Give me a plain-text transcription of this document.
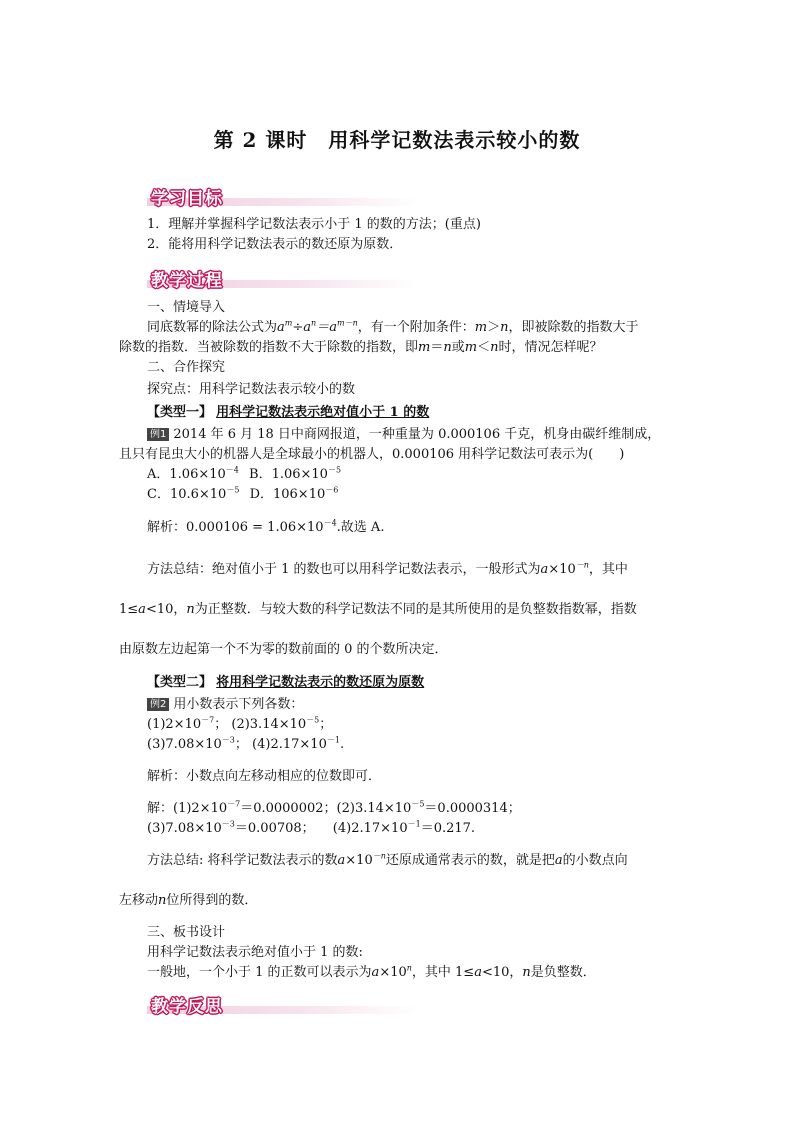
第 2 课时　用科学记数法表示较小的数
学习目标
1．理解并掌握科学记数法表示小于 1 的数的方法；(重点)
2．能将用科学记数法表示的数还原为原数．
教学过程
一、情境导入
同底数幂的除法公式为$a^m\div a^n=a^{m-n}$，有一个附加条件：m＞n，即被除数的指数大于
除数的指数．当被除数的指数不大于除数的指数，即m＝n或m＜n时，情况怎样呢？
二、合作探究
探究点：用科学记数法表示较小的数
【类型一】 用科学记数法表示绝对值小于 1 的数
例1 2014 年 6 月 18 日中商网报道，一种重量为 0.000106 千克，机身由碳纤维制成，
且只有昆虫大小的机器人是全球最小的机器人，0.000106 用科学记数法可表示为(　　)
A．$1.06\times 10^{-4}$ B．$1.06\times 10^{-5}$
C．$10.6\times 10^{-5}$ D．$106\times 10^{-6}$
解析：$0.000106 = 1.06\times 10^{-4}$.故选 A.
方法总结：绝对值小于 1 的数也可以用科学记数法表示，一般形式为$a\times 10^{-n}$，其中
1≤a<10，n为正整数．与较大数的科学记数法不同的是其所使用的是负整数指数幂，指数
由原数左边起第一个不为零的数前面的 0 的个数所决定．
【类型二】 将用科学记数法表示的数还原为原数
例2 用小数表示下列各数：
$(1)2\times 10^{-7}$； $(2)3.14\times 10^{-5}$；
$(3)7.08\times 10^{-3}$； $(4)2.17\times 10^{-1}$.
解析：小数点向左移动相应的位数即可．
解：$(1)2\times 10^{-7}=0.0000002$；$(2)3.14\times 10^{-5}=0.0000314$；
$(3)7.08\times 10^{-3}=0.00708$； $(4)2.17\times 10^{-1}=0.217$.
方法总结: 将科学记数法表示的数$a\times 10^{-n}$还原成通常表示的数，就是把a的小数点向
左移动n位所得到的数．
三、板书设计
用科学记数法表示绝对值小于 1 的数:
一般地，一个小于 1 的正数可以表示为$a\times 10^n$，其中 1≤a<10，n是负整数．
教学反思
